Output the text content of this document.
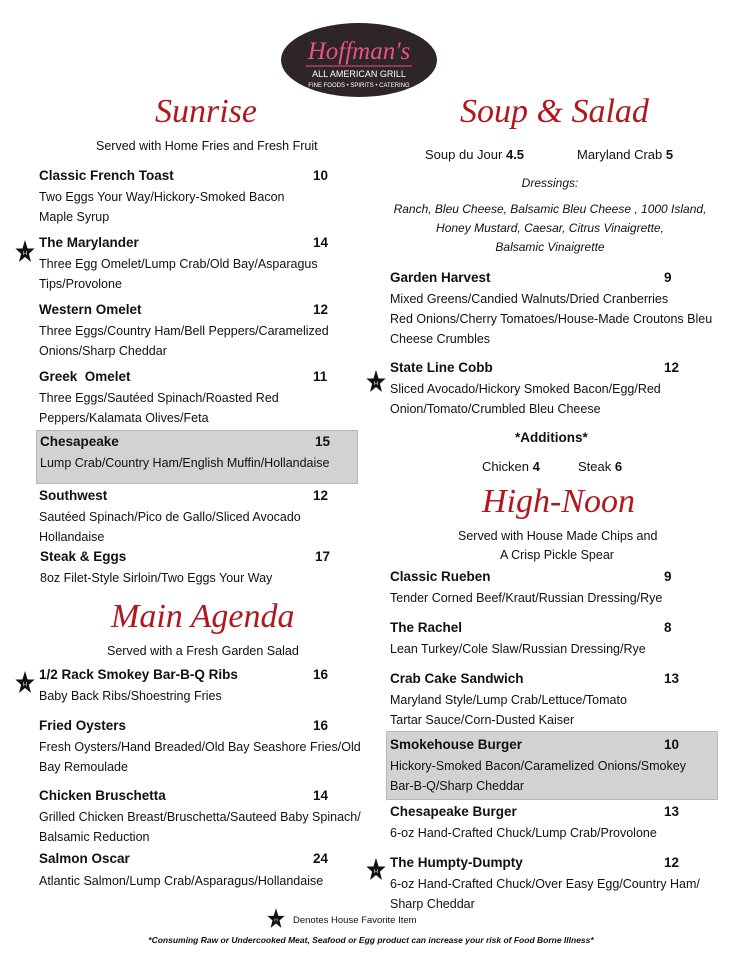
Hoffman's
ALL AMERICAN GRILL
FINE FOODS • SPIRITS • CATERING
Sunrise
Served with Home Fries and Fresh Fruit
Classic French Toast	10
Two Eggs Your Way/Hickory-Smoked Bacon
Maple Syrup
H
The Marylander	14
Three Egg Omelet/Lump Crab/Old Bay/Asparagus
Tips/Provolone
Western Omelet	12
Three Eggs/Country Ham/Bell Peppers/Caramelized
Onions/Sharp Cheddar
Greek  Omelet	11
Three Eggs/Sautéed Spinach/Roasted Red
Peppers/Kalamata Olives/Feta
Chesapeake	15
Lump Crab/Country Ham/English Muffin/Hollandaise
Southwest	12
Sautéed Spinach/Pico de Gallo/Sliced Avocado
Hollandaise
Steak & Eggs	17
8oz Filet-Style Sirloin/Two Eggs Your Way
Main Agenda
Served with a Fresh Garden Salad
H
1/2 Rack Smokey Bar-B-Q Ribs	16
Baby Back Ribs/Shoestring Fries
Fried Oysters	16
Fresh Oysters/Hand Breaded/Old Bay Seashore Fries/Old
Bay Remoulade
Chicken Bruschetta	14
Grilled Chicken Breast/Bruschetta/Sauteed Baby Spinach/
Balsamic Reduction
Salmon Oscar	24
Atlantic Salmon/Lump Crab/Asparagus/Hollandaise
Soup & Salad
Soup du Jour 4.5	Maryland Crab 5
Dressings:
Ranch, Bleu Cheese, Balsamic Bleu Cheese , 1000 Island,
Honey Mustard, Caesar, Citrus Vinaigrette,
Balsamic Vinaigrette
Garden Harvest	9
Mixed Greens/Candied Walnuts/Dried Cranberries
Red Onions/Cherry Tomatoes/House-Made Croutons Bleu
Cheese Crumbles
H
State Line Cobb	12
Sliced Avocado/Hickory Smoked Bacon/Egg/Red
Onion/Tomato/Crumbled Bleu Cheese
*Additions*
Chicken 4	Steak 6
High-Noon
Served with House Made Chips and
A Crisp Pickle Spear
Classic Rueben	9
Tender Corned Beef/Kraut/Russian Dressing/Rye
The Rachel	8
Lean Turkey/Cole Slaw/Russian Dressing/Rye
Crab Cake Sandwich	13
Maryland Style/Lump Crab/Lettuce/Tomato
Tartar Sauce/Corn-Dusted Kaiser
Smokehouse Burger	10
Hickory-Smoked Bacon/Caramelized Onions/Smokey
Bar-B-Q/Sharp Cheddar
Chesapeake Burger	13
6-oz Hand-Crafted Chuck/Lump Crab/Provolone
H
The Humpty-Dumpty	12
6-oz Hand-Crafted Chuck/Over Easy Egg/Country Ham/
Sharp Cheddar
H Denotes House Favorite Item
*Consuming Raw or Undercooked Meat, Seafood or Egg product can increase your risk of Food Borne Illness*
